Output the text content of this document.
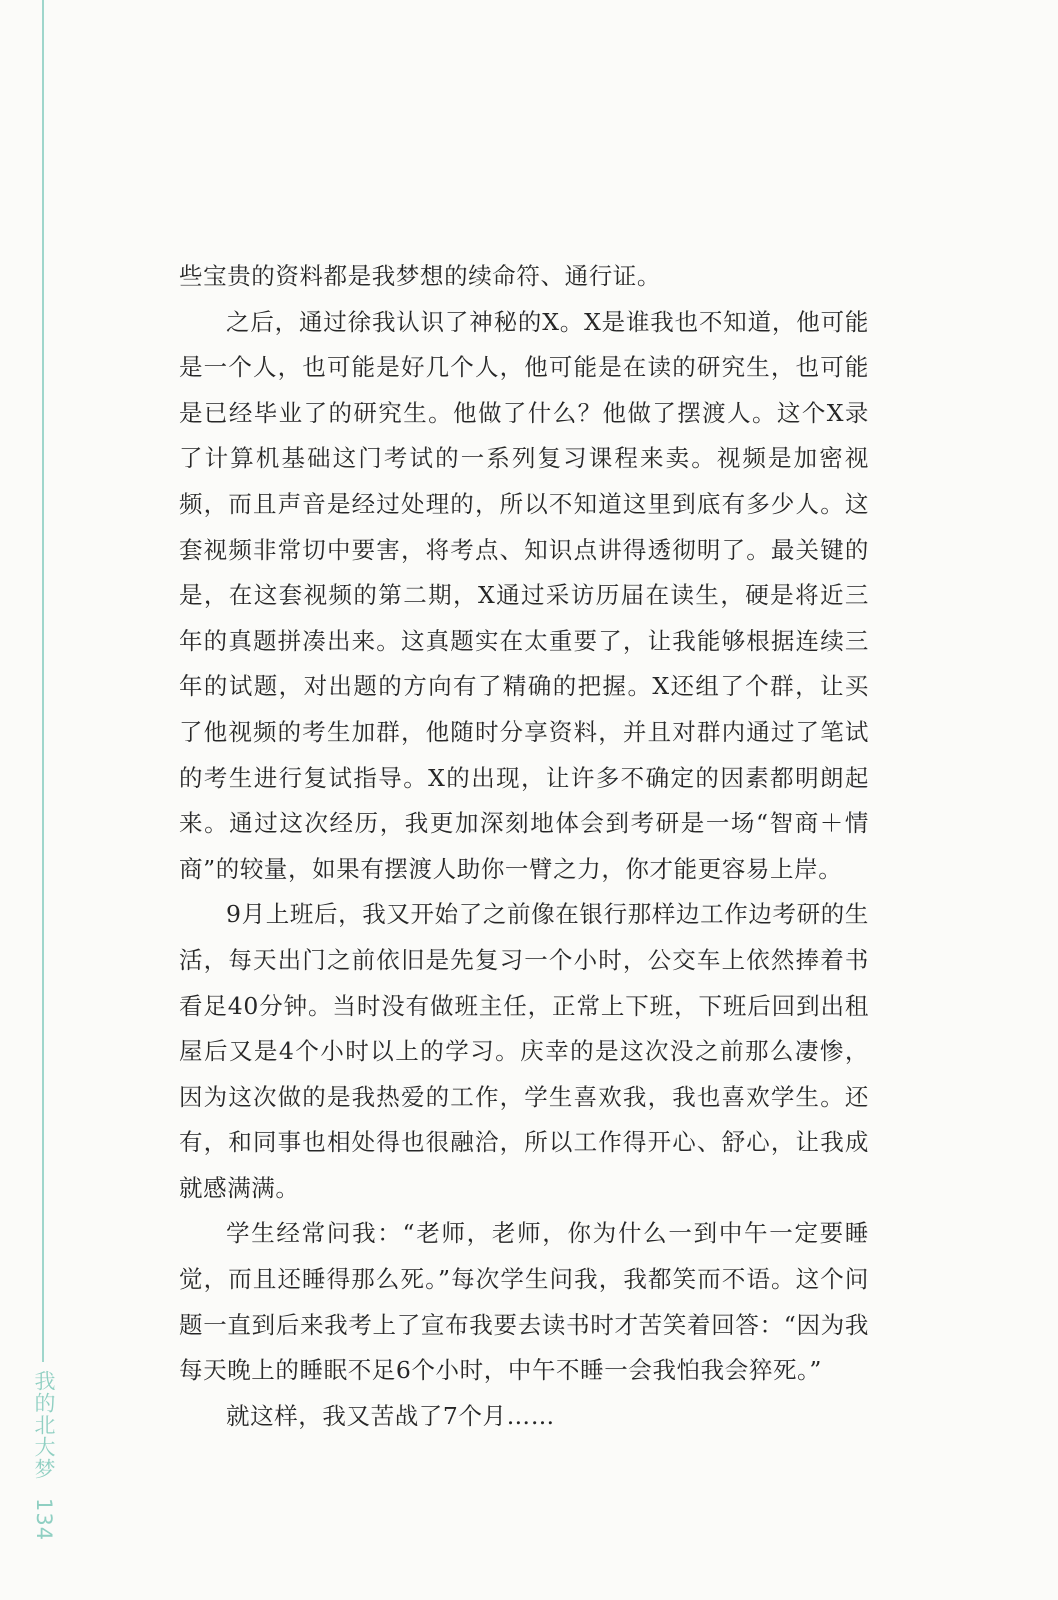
我的北大梦 134

些宝贵的资料都是我梦想的续命符、通行证。

之后，通过徐我认识了神秘的X。X是谁我也不知道，他可能是一个人，也可能是好几个人，他可能是在读的研究生，也可能是已经毕业了的研究生。他做了什么？他做了摆渡人。这个X录了计算机基础这门考试的一系列复习课程来卖。视频是加密视频，而且声音是经过处理的，所以不知道这里到底有多少人。这套视频非常切中要害，将考点、知识点讲得透彻明了。最关键的是，在这套视频的第二期，X通过采访历届在读生，硬是将近三年的真题拼凑出来。这真题实在太重要了，让我能够根据连续三年的试题，对出题的方向有了精确的把握。X还组了个群，让买了他视频的考生加群，他随时分享资料，并且对群内通过了笔试的考生进行复试指导。X的出现，让许多不确定的因素都明朗起来。通过这次经历，我更加深刻地体会到考研是一场“智商＋情商”的较量，如果有摆渡人助你一臂之力，你才能更容易上岸。

9月上班后，我又开始了之前像在银行那样边工作边考研的生活，每天出门之前依旧是先复习一个小时，公交车上依然捧着书看足40分钟。当时没有做班主任，正常上下班，下班后回到出租屋后又是4个小时以上的学习。庆幸的是这次没之前那么凄惨，因为这次做的是我热爱的工作，学生喜欢我，我也喜欢学生。还有，和同事也相处得也很融洽，所以工作得开心、舒心，让我成就感满满。

学生经常问我：“老师，老师，你为什么一到中午一定要睡觉，而且还睡得那么死。”每次学生问我，我都笑而不语。这个问题一直到后来我考上了宣布我要去读书时才苦笑着回答：“因为我每天晚上的睡眠不足6个小时，中午不睡一会我怕我会猝死。”

就这样，我又苦战了7个月……
